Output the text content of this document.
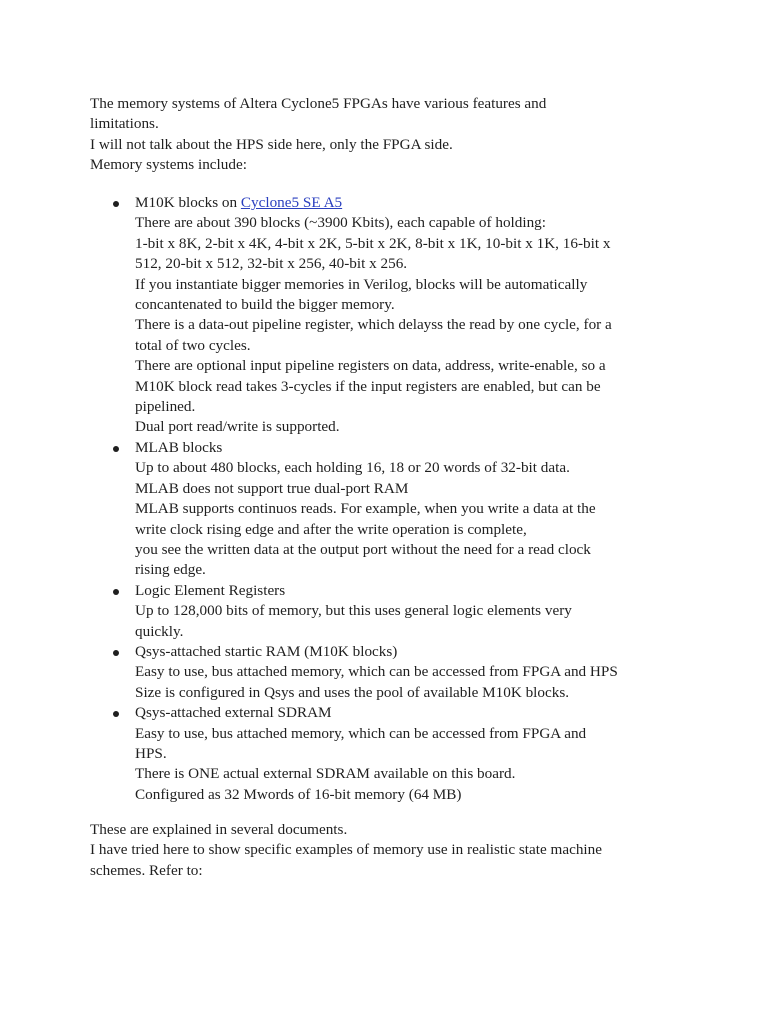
The memory systems of Altera Cyclone5 FPGAs have various features and
limitations.
I will not talk about the HPS side here, only the FPGA side.
Memory systems include:
M10K blocks on Cyclone5 SE A5
There are about 390 blocks (~3900 Kbits), each capable of holding:
1-bit x 8K, 2-bit x 4K, 4-bit x 2K, 5-bit x 2K, 8-bit x 1K, 10-bit x 1K, 16-bit x
512, 20-bit x 512, 32-bit x 256, 40-bit x 256.
If you instantiate bigger memories in Verilog, blocks will be automatically
concantenated to build the bigger memory.
There is a data-out pipeline register, which delayss the read by one cycle, for a
total of two cycles.
There are optional input pipeline registers on data, address, write-enable, so a
M10K block read takes 3-cycles if the input registers are enabled, but can be
pipelined.
Dual port read/write is supported.
MLAB blocks
Up to about 480 blocks, each holding 16, 18 or 20 words of 32-bit data.
MLAB does not support true dual-port RAM
MLAB supports continuos reads. For example, when you write a data at the
write clock rising edge and after the write operation is complete,
you see the written data at the output port without the need for a read clock
rising edge.
Logic Element Registers
Up to 128,000 bits of memory, but this uses general logic elements very
quickly.
Qsys-attached startic RAM (M10K blocks)
Easy to use, bus attached memory, which can be accessed from FPGA and HPS
Size is configured in Qsys and uses the pool of available M10K blocks.
Qsys-attached external SDRAM
Easy to use, bus attached memory, which can be accessed from FPGA and
HPS.
There is ONE actual external SDRAM available on this board.
Configured as 32 Mwords of 16-bit memory (64 MB)
These are explained in several documents.
I have tried here to show specific examples of memory use in realistic state machine
schemes. Refer to:
